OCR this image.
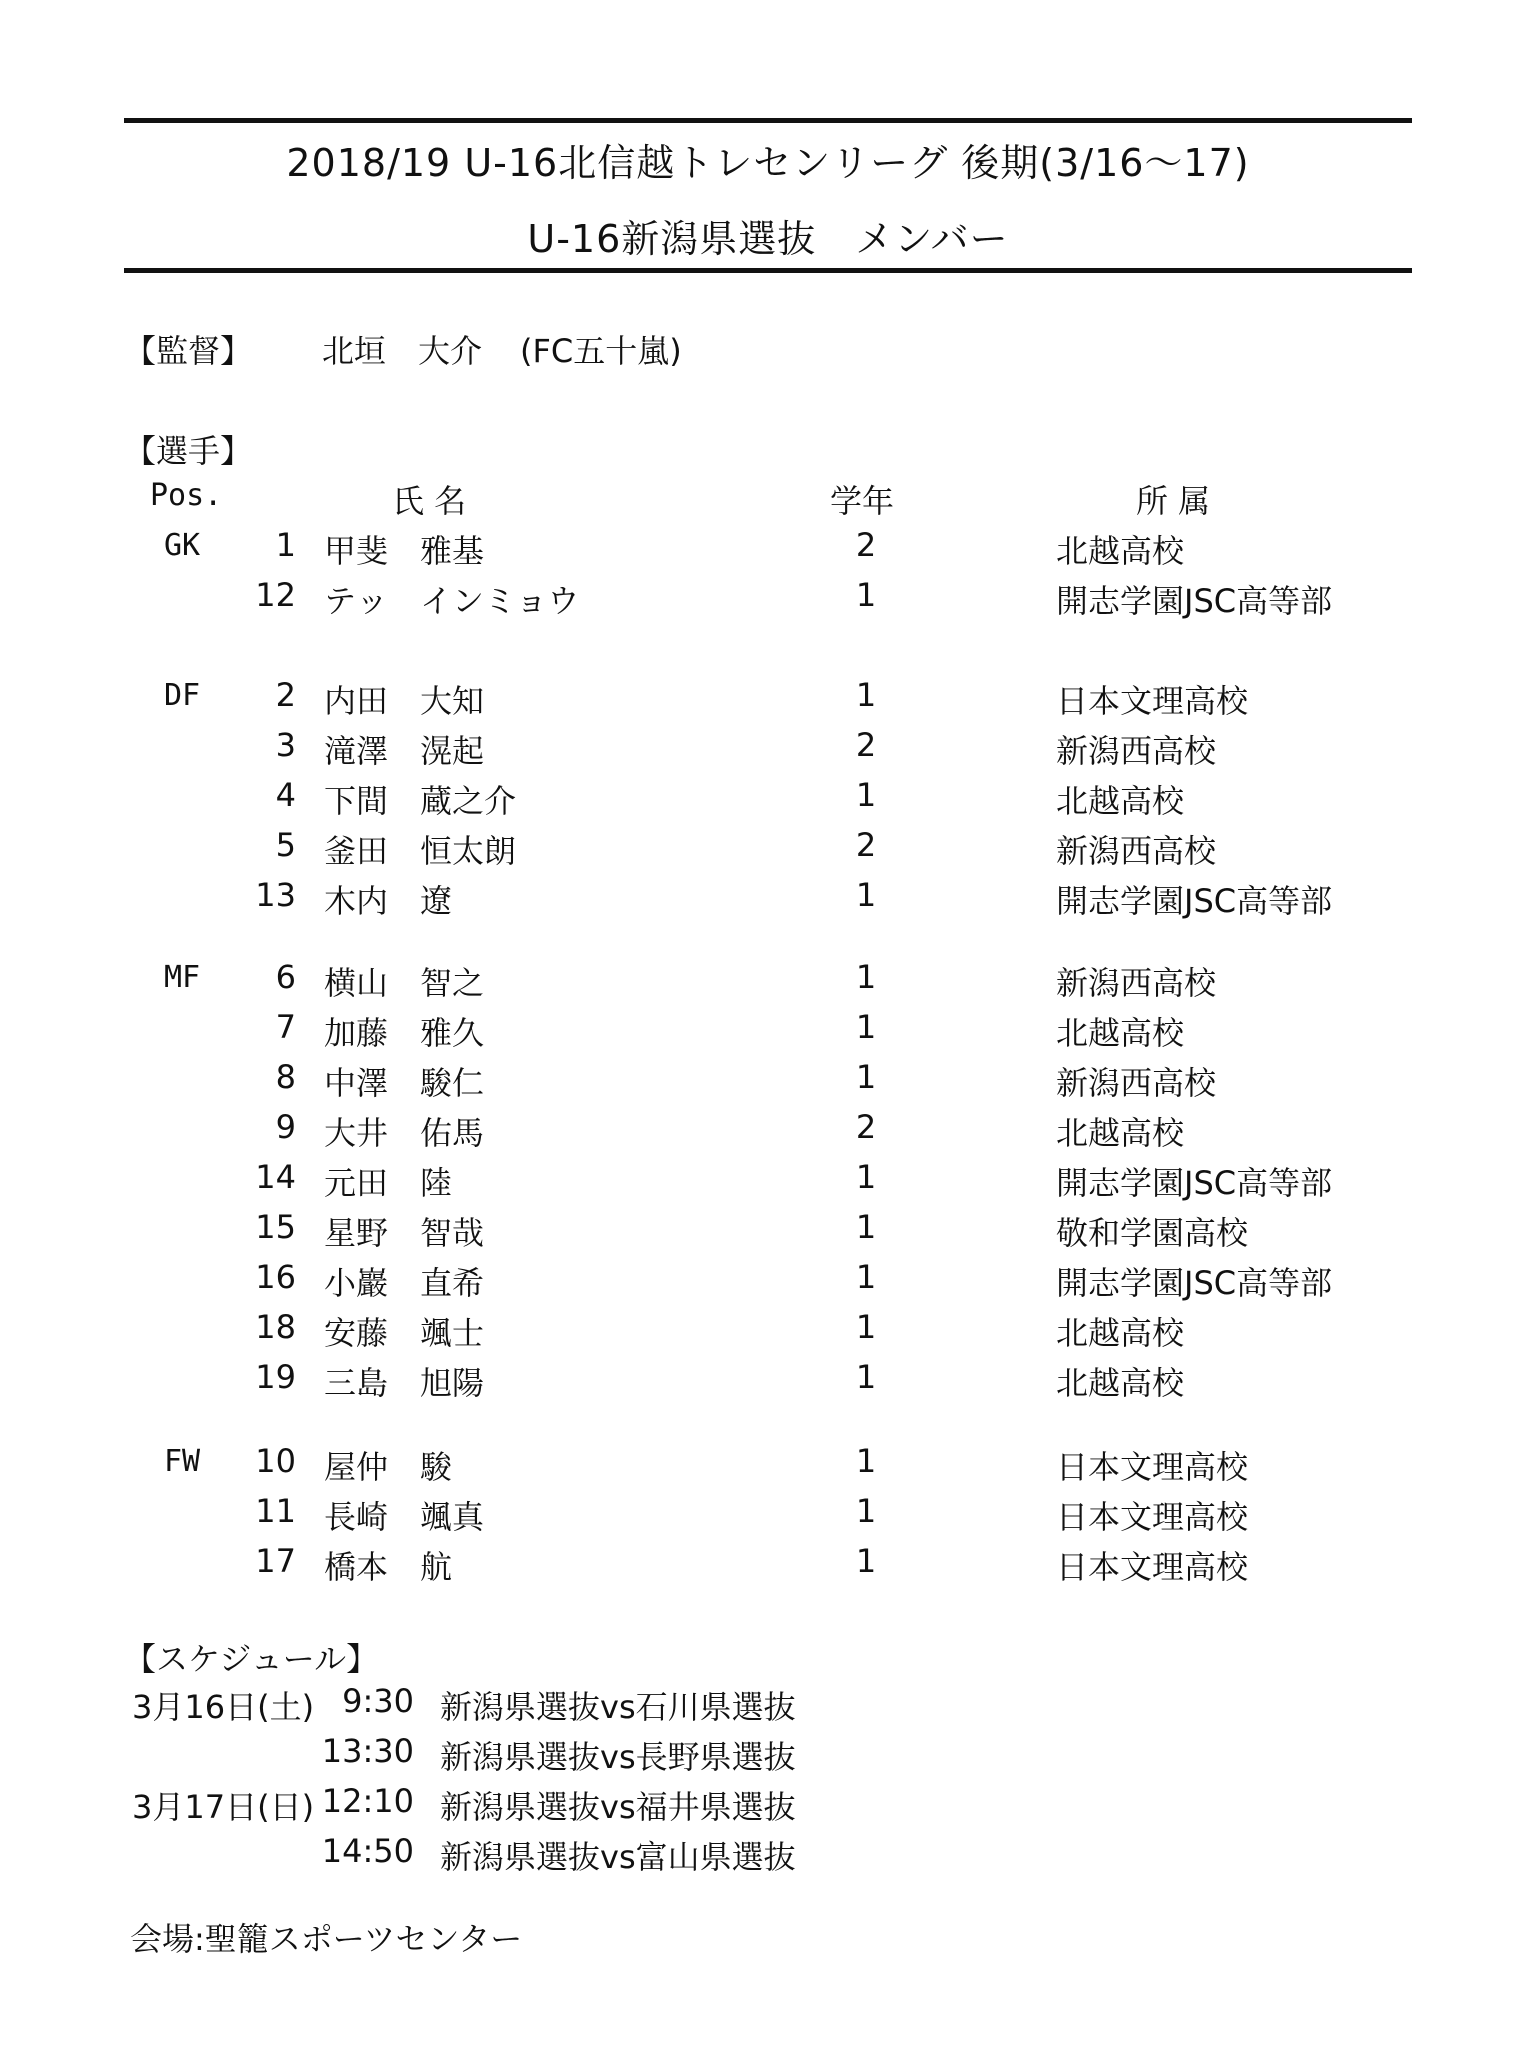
2018/19 U-16北信越トレセンリーグ 後期(3/16～17)
U-16新潟県選抜　メンバー
【監督】 北垣　大介 (FC五十嵐)
【選手】
Pos.	氏 名	学年	所 属
GK	1 甲斐　雅基	2	北越高校
12 テッ　インミョウ	1	開志学園JSC高等部
DF	2 内田　大知	1	日本文理高校
3 滝澤　滉起	2	新潟西高校
4 下間　蔵之介	1	北越高校
5 釜田　恒太朗	2	新潟西高校
13 木内　遼	1	開志学園JSC高等部
MF	6 横山　智之	1	新潟西高校
7 加藤　雅久	1	北越高校
8 中澤　駿仁	1	新潟西高校
9 大井　佑馬	2	北越高校
14 元田　陸	1	開志学園JSC高等部
15 星野　智哉	1	敬和学園高校
16 小巖　直希	1	開志学園JSC高等部
18 安藤　颯士	1	北越高校
19 三島　旭陽	1	北越高校
FW	10 屋仲　駿	1	日本文理高校
11 長崎　颯真	1	日本文理高校
17 橋本　航	1	日本文理高校
【スケジュール】
3月16日(土) 9:30 新潟県選抜vs石川県選抜
13:30 新潟県選抜vs長野県選抜
3月17日(日) 12:10 新潟県選抜vs福井県選抜
14:50 新潟県選抜vs富山県選抜
会場:聖籠スポーツセンター
